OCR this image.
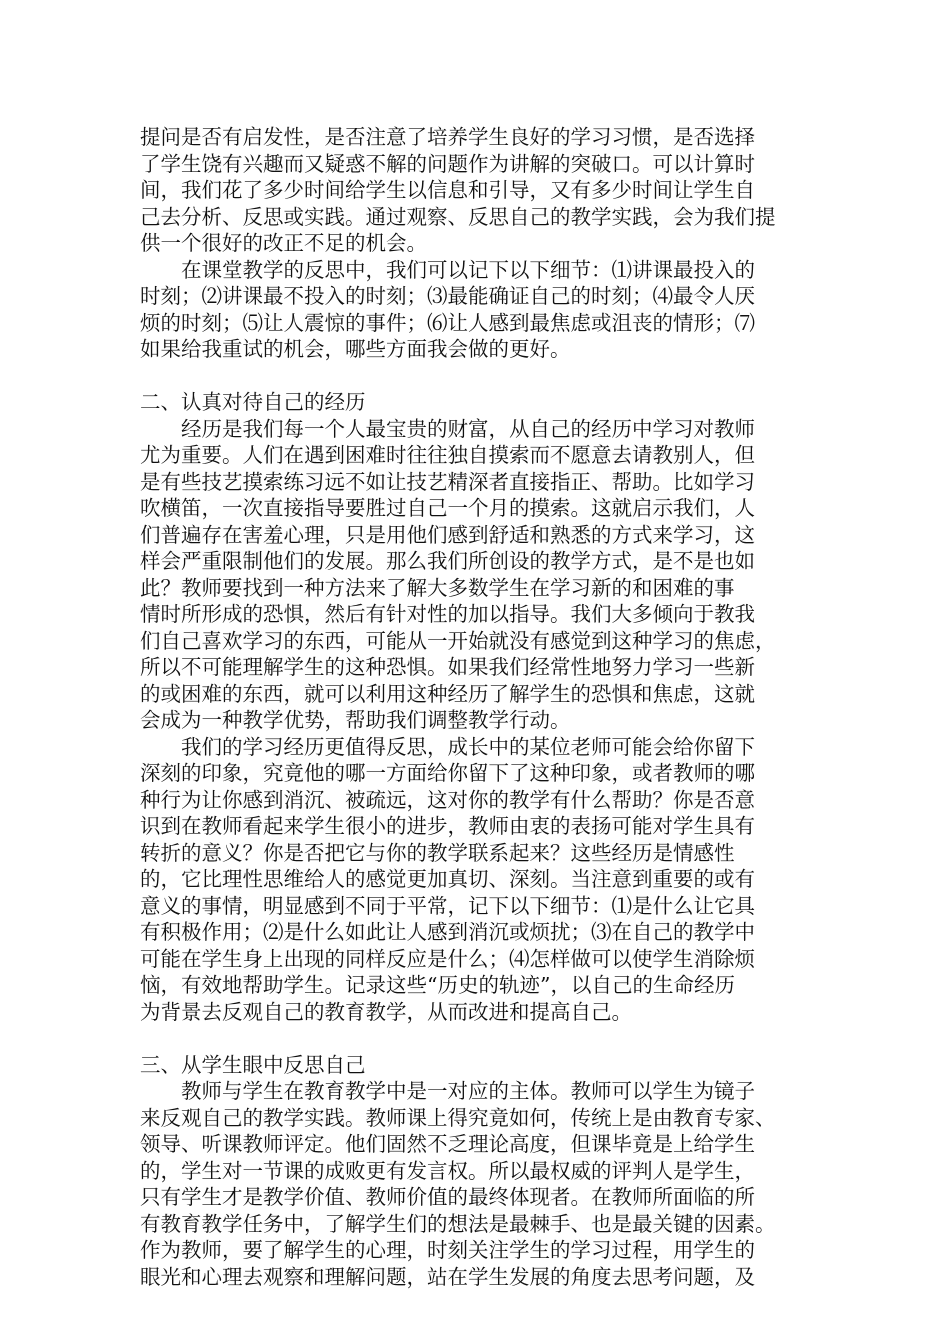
提问是否有启发性，是否注意了培养学生良好的学习习惯，是否选择
了学生饶有兴趣而又疑惑不解的问题作为讲解的突破口。可以计算时
间，我们花了多少时间给学生以信息和引导，又有多少时间让学生自
己去分析、反思或实践。通过观察、反思自己的教学实践，会为我们提
供一个很好的改正不足的机会。
　　在课堂教学的反思中，我们可以记下以下细节：⑴讲课最投入的
时刻；⑵讲课最不投入的时刻；⑶最能确证自己的时刻；⑷最令人厌
烦的时刻；⑸让人震惊的事件；⑹让人感到最焦虑或沮丧的情形；⑺
如果给我重试的机会，哪些方面我会做的更好。
二、认真对待自己的经历
　　经历是我们每一个人最宝贵的财富，从自己的经历中学习对教师
尤为重要。人们在遇到困难时往往独自摸索而不愿意去请教别人，但
是有些技艺摸索练习远不如让技艺精深者直接指正、帮助。比如学习
吹横笛，一次直接指导要胜过自己一个月的摸索。这就启示我们，人
们普遍存在害羞心理，只是用他们感到舒适和熟悉的方式来学习，这
样会严重限制他们的发展。那么我们所创设的教学方式，是不是也如
此？教师要找到一种方法来了解大多数学生在学习新的和困难的事
情时所形成的恐惧，然后有针对性的加以指导。我们大多倾向于教我
们自己喜欢学习的东西，可能从一开始就没有感觉到这种学习的焦虑，
所以不可能理解学生的这种恐惧。如果我们经常性地努力学习一些新
的或困难的东西，就可以利用这种经历了解学生的恐惧和焦虑，这就
会成为一种教学优势，帮助我们调整教学行动。
　　我们的学习经历更值得反思，成长中的某位老师可能会给你留下
深刻的印象，究竟他的哪一方面给你留下了这种印象，或者教师的哪
种行为让你感到消沉、被疏远，这对你的教学有什么帮助？你是否意
识到在教师看起来学生很小的进步，教师由衷的表扬可能对学生具有
转折的意义？你是否把它与你的教学联系起来？这些经历是情感性
的，它比理性思维给人的感觉更加真切、深刻。当注意到重要的或有
意义的事情，明显感到不同于平常，记下以下细节：⑴是什么让它具
有积极作用；⑵是什么如此让人感到消沉或烦扰；⑶在自己的教学中
可能在学生身上出现的同样反应是什么；⑷怎样做可以使学生消除烦
恼，有效地帮助学生。记录这些“历史的轨迹”，以自己的生命经历
为背景去反观自己的教育教学，从而改进和提高自己。
三、从学生眼中反思自己
　　教师与学生在教育教学中是一对应的主体。教师可以学生为镜子
来反观自己的教学实践。教师课上得究竟如何，传统上是由教育专家、
领导、听课教师评定。他们固然不乏理论高度，但课毕竟是上给学生
的，学生对一节课的成败更有发言权。所以最权威的评判人是学生，
只有学生才是教学价值、教师价值的最终体现者。在教师所面临的所
有教育教学任务中，了解学生们的想法是最棘手、也是最关键的因素。
作为教师，要了解学生的心理，时刻关注学生的学习过程，用学生的
眼光和心理去观察和理解问题，站在学生发展的角度去思考问题，及
